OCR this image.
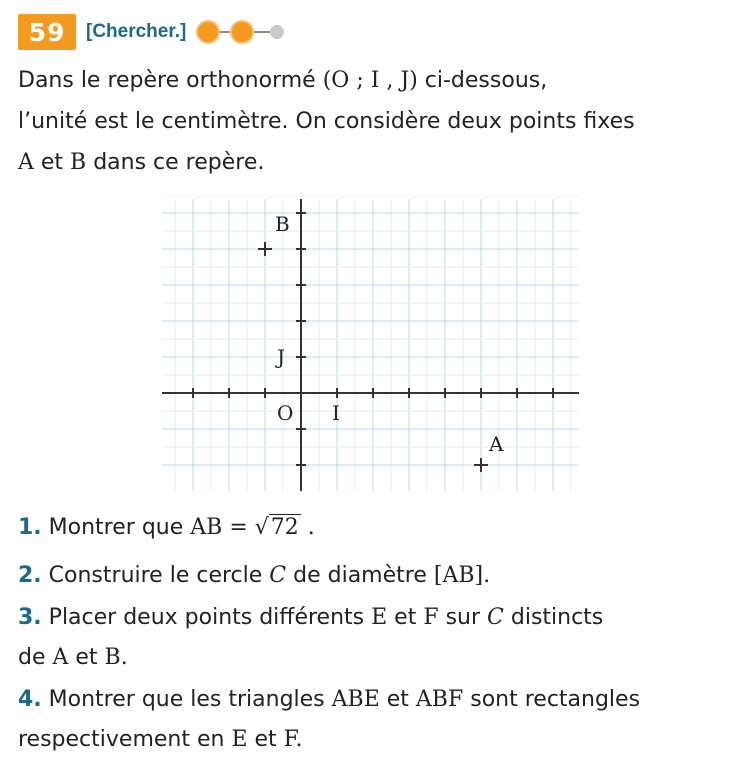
59	[Chercher.]

Dans le repère orthonormé (O ; I , J) ci-dessous,
l’unité est le centimètre. On considère deux points fixes
A et B dans ce repère.

O I
J
A
B

1. Montrer que AB = √72 .

2. Construire le cercle C de diamètre [AB].

3. Placer deux points différents E et F sur C distincts
de A et B.

4. Montrer que les triangles ABE et ABF sont rectangles
respectivement en E et F.
